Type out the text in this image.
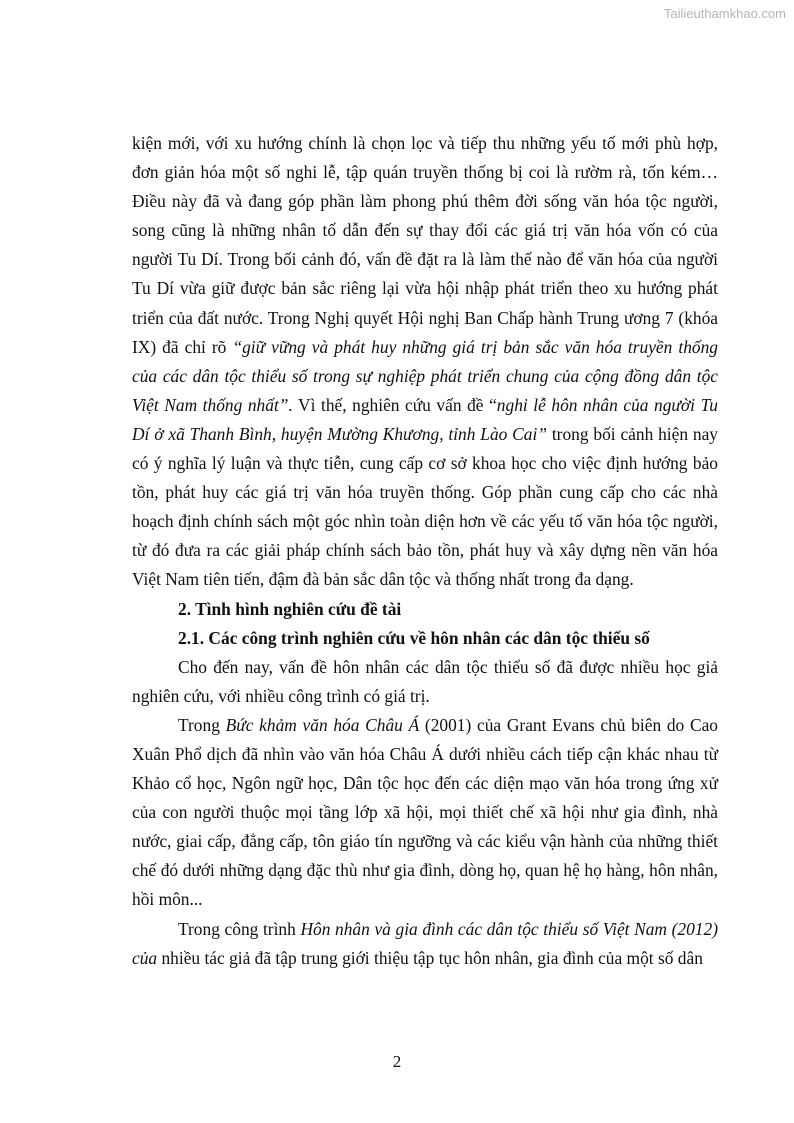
Tailieuthamkhao.com

kiện mới, với xu hướng chính là chọn lọc và tiếp thu những yếu tố mới phù hợp, đơn giản hóa một số nghi lễ, tập quán truyền thống bị coi là rườm rà, tốn kém… Điều này đã và đang góp phần làm phong phú thêm đời sống văn hóa tộc người, song cũng là những nhân tố dẫn đến sự thay đổi các giá trị văn hóa vốn có của người Tu Dí. Trong bối cảnh đó, vấn đề đặt ra là làm thế nào để văn hóa của người Tu Dí vừa giữ được bản sắc riêng lại vừa hội nhập phát triển theo xu hướng phát triển của đất nước. Trong Nghị quyết Hội nghị Ban Chấp hành Trung ương 7 (khóa IX) đã chỉ rõ “giữ vững và phát huy những giá trị bản sắc văn hóa truyền thống của các dân tộc thiểu số trong sự nghiệp phát triển chung của cộng đồng dân tộc Việt Nam thống nhất”. Vì thế, nghiên cứu vấn đề “nghi lễ hôn nhân của người Tu Dí ở xã Thanh Bình, huyện Mường Khương, tỉnh Lào Cai” trong bối cảnh hiện nay có ý nghĩa lý luận và thực tiễn, cung cấp cơ sở khoa học cho việc định hướng bảo tồn, phát huy các giá trị văn hóa truyền thống. Góp phần cung cấp cho các nhà hoạch định chính sách một góc nhìn toàn diện hơn về các yếu tố văn hóa tộc người, từ đó đưa ra các giải pháp chính sách bảo tồn, phát huy và xây dựng nền văn hóa Việt Nam tiên tiến, đậm đà bản sắc dân tộc và thống nhất trong đa dạng.

2. Tình hình nghiên cứu đề tài

2.1. Các công trình nghiên cứu về hôn nhân các dân tộc thiểu số

Cho đến nay, vấn đề hôn nhân các dân tộc thiểu số đã được nhiều học giả nghiên cứu, với nhiều công trình có giá trị.

Trong Bức khảm văn hóa Châu Á (2001) của Grant Evans chủ biên do Cao Xuân Phổ dịch đã nhìn vào văn hóa Châu Á dưới nhiều cách tiếp cận khác nhau từ Khảo cổ học, Ngôn ngữ học, Dân tộc học đến các diện mạo văn hóa trong ứng xử của con người thuộc mọi tầng lớp xã hội, mọi thiết chế xã hội như gia đình, nhà nước, giai cấp, đẳng cấp, tôn giáo tín ngưỡng và các kiểu vận hành của những thiết chế đó dưới những dạng đặc thù như gia đình, dòng họ, quan hệ họ hàng, hôn nhân, hồi môn...

Trong công trình Hôn nhân và gia đình các dân tộc thiểu số Việt Nam (2012) của nhiều tác giả đã tập trung giới thiệu tập tục hôn nhân, gia đình của một số dân

2
